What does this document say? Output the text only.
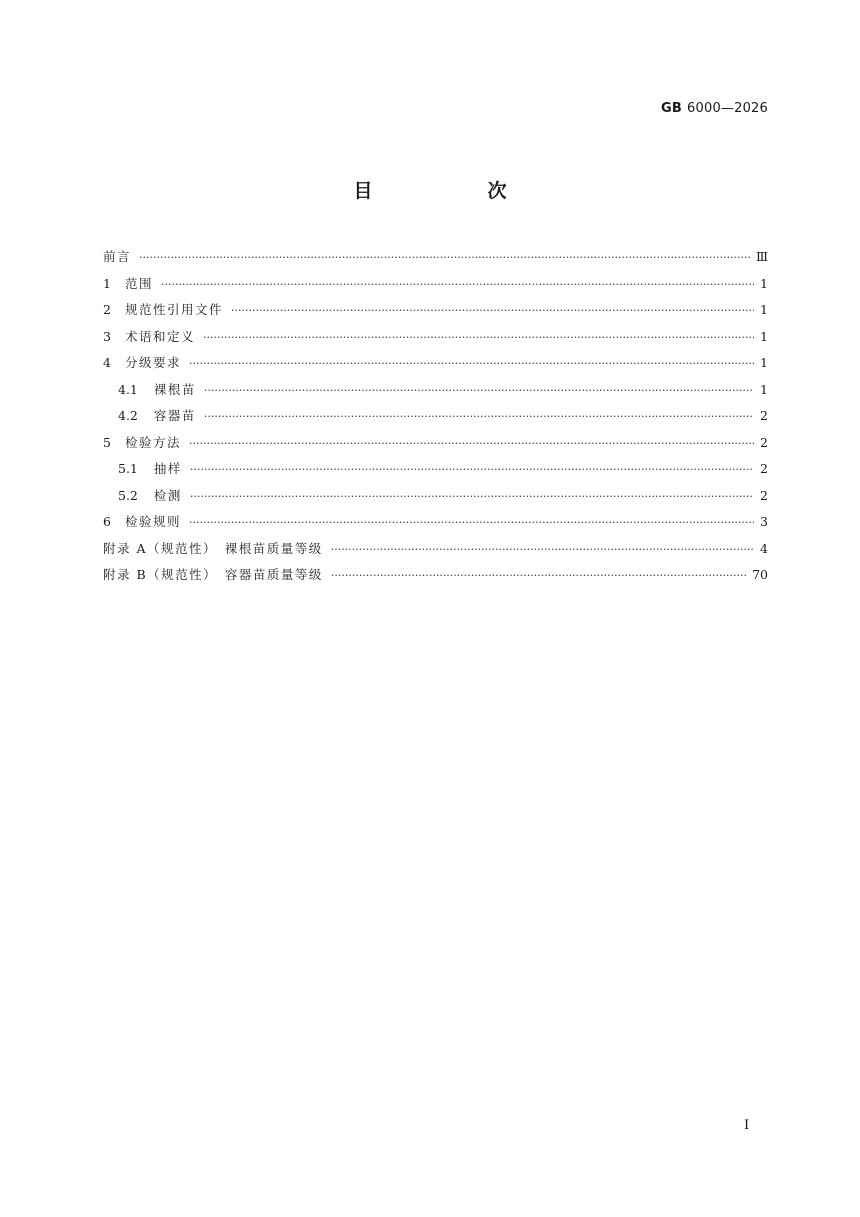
GB 6000—2026
目　次
前言 ·····	Ⅲ
1 范围 ·····	1
2 规范性引用文件 ·····	1
3 术语和定义 ·····	1
4 分级要求 ·····	1
4.1 裸根苗 ·····	1
4.2 容器苗 ·····	2
5 检验方法 ·····	2
5.1 抽样 ·····	2
5.2 检测 ·····	2
6 检验规则 ·····	3
附录 A（规范性）　裸根苗质量等级 ·····	4
附录 B（规范性）　容器苗质量等级 ·····	70
Ⅰ
